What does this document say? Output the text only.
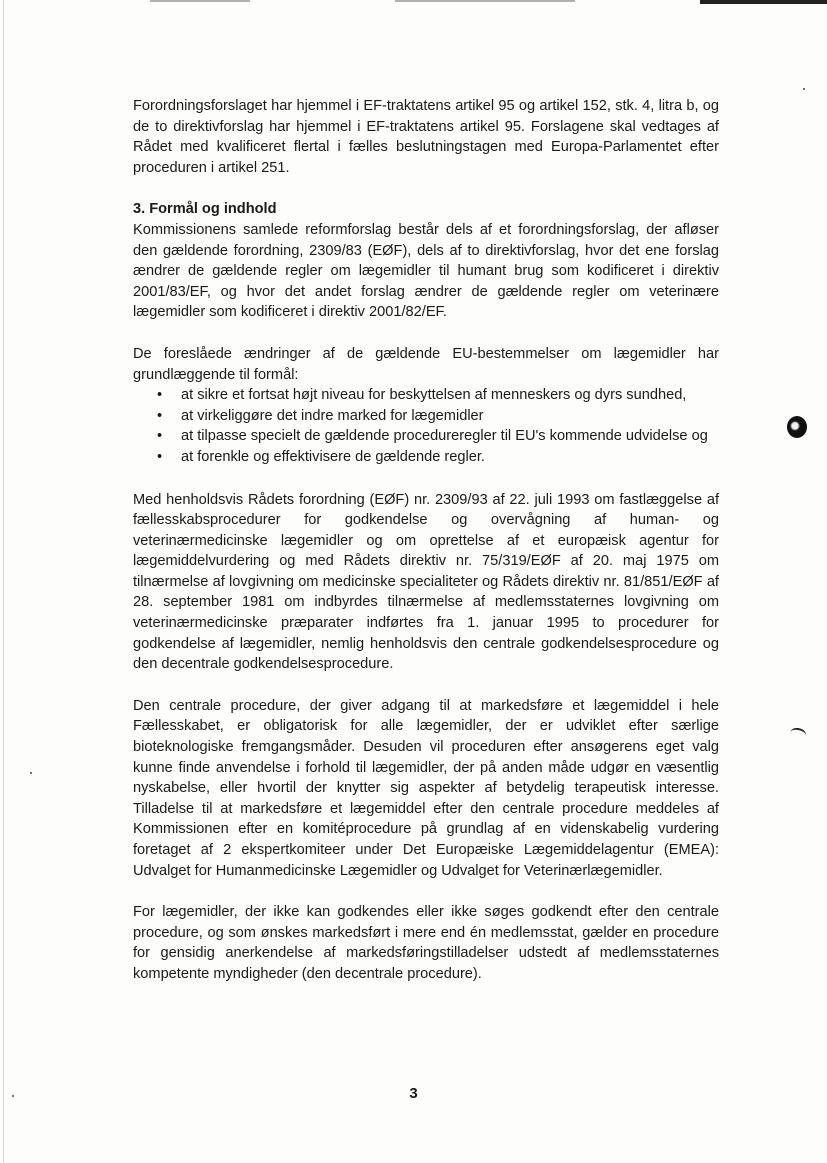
Forordningsforslaget har hjemmel i EF-traktatens artikel 95 og artikel 152, stk. 4, litra b, og de to direktivforslag har hjemmel i EF-traktatens artikel 95. Forslagene skal vedtages af Rådet med kvalificeret flertal i fælles beslutningstagen med Europa-Parlamentet efter proceduren i artikel 251.

3. Formål og indhold

Kommissionens samlede reformforslag består dels af et forordningsforslag, der afløser den gældende forordning, 2309/83 (EØF), dels af to direktivforslag, hvor det ene forslag ændrer de gældende regler om lægemidler til humant brug som kodificeret i direktiv 2001/83/EF, og hvor det andet forslag ændrer de gældende regler om veterinære lægemidler som kodificeret i direktiv 2001/82/EF.

De foreslåede ændringer af de gældende EU-bestemmelser om lægemidler har grundlæggende til formål:

• at sikre et fortsat højt niveau for beskyttelsen af menneskers og dyrs sundhed,
• at virkeliggøre det indre marked for lægemidler
• at tilpasse specielt de gældende procedureregler til EU's kommende udvidelse og
• at forenkle og effektivisere de gældende regler.

Med henholdsvis Rådets forordning (EØF) nr. 2309/93 af 22. juli 1993 om fastlæggelse af fællesskabsprocedurer for godkendelse og overvågning af human- og veterinærmedicinske lægemidler og om oprettelse af et europæisk agentur for lægemiddelvurdering og med Rådets direktiv nr. 75/319/EØF af 20. maj 1975 om tilnærmelse af lovgivning om medicinske specialiteter og Rådets direktiv nr. 81/851/EØF af 28. september 1981 om indbyrdes tilnærmelse af medlemsstaternes lovgivning om veterinærmedicinske præparater indførtes fra 1. januar 1995 to procedurer for godkendelse af lægemidler, nemlig henholdsvis den centrale godkendelsesprocedure og den decentrale godkendelsesprocedure.

Den centrale procedure, der giver adgang til at markedsføre et lægemiddel i hele Fællesskabet, er obligatorisk for alle lægemidler, der er udviklet efter særlige bioteknologiske fremgangsmåder. Desuden vil proceduren efter ansøgerens eget valg kunne finde anvendelse i forhold til lægemidler, der på anden måde udgør en væsentlig nyskabelse, eller hvortil der knytter sig aspekter af betydelig terapeutisk interesse. Tilladelse til at markedsføre et lægemiddel efter den centrale procedure meddeles af Kommissionen efter en komitéprocedure på grundlag af en videnskabelig vurdering foretaget af 2 ekspertkomiteer under Det Europæiske Lægemiddelagentur (EMEA): Udvalget for Humanmedicinske Lægemidler og Udvalget for Veterinærlægemidler.

For lægemidler, der ikke kan godkendes eller ikke søges godkendt efter den centrale procedure, og som ønskes markedsført i mere end én medlemsstat, gælder en procedure for gensidig anerkendelse af markedsføringstilladelser udstedt af medlemsstaternes kompetente myndigheder (den decentrale procedure).

3
